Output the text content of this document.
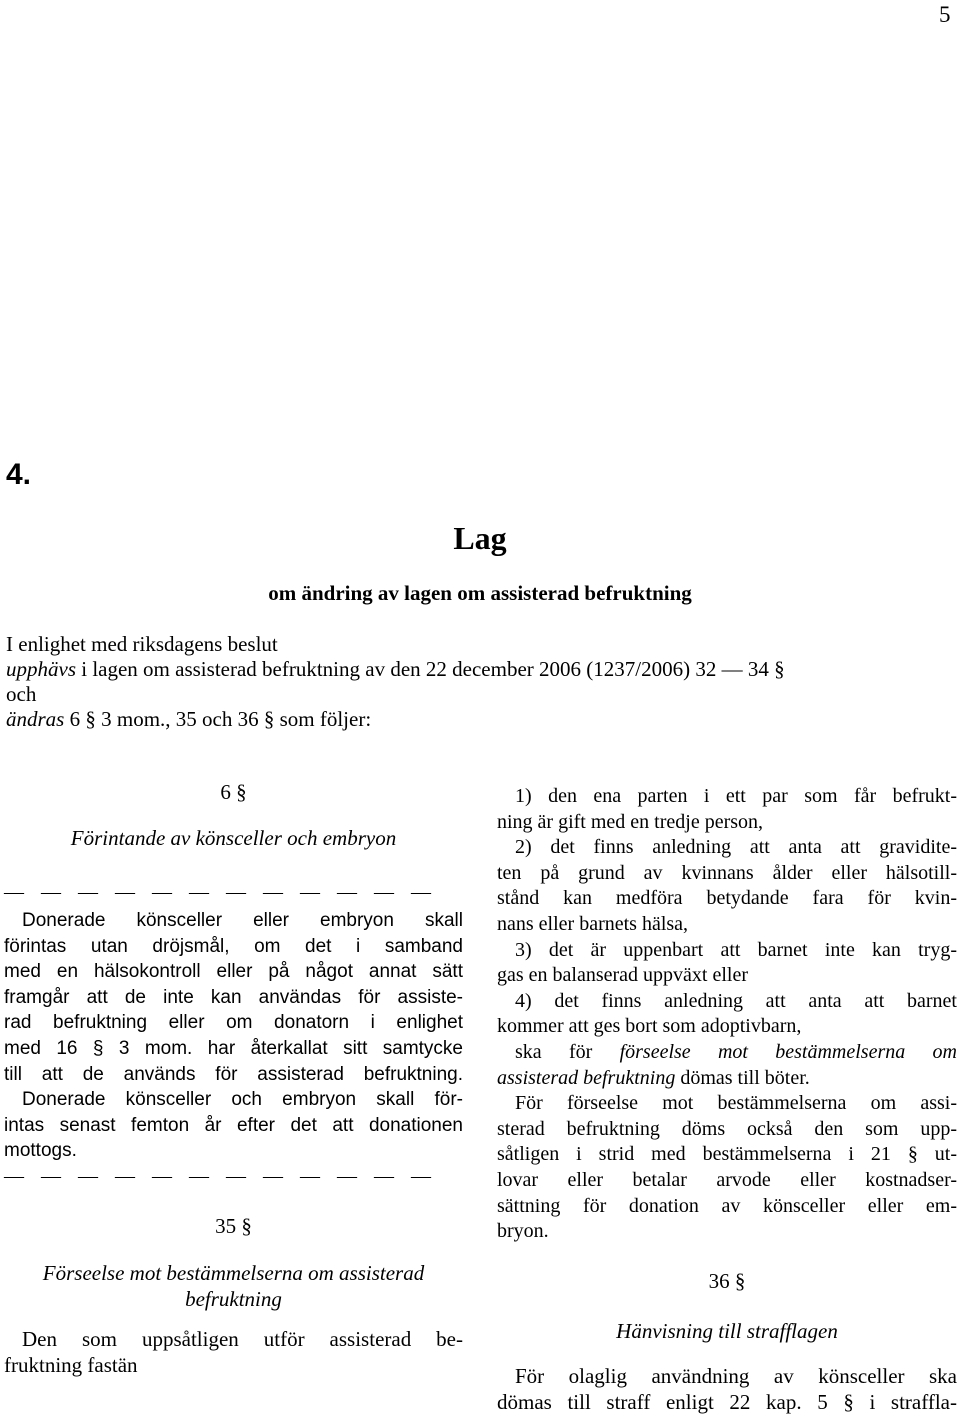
5
4.
Lag
om ändring av lagen om assisterad befruktning
I enlighet med riksdagens beslut
upphävs i lagen om assisterad befruktning av den 22 december 2006 (1237/2006) 32 — 34 §
och
ändras 6 § 3 mom., 35 och 36 § som följer:
6 §
Förintande av könsceller och embryon
— — — — — — — — — — — —
Donerade könsceller eller embryon skall
förintas utan dröjsmål, om det i samband
med en hälsokontroll eller på något annat sätt
framgår att de inte kan användas för assiste-
rad befruktning eller om donatorn i enlighet
med 16 § 3 mom. har återkallat sitt samtycke
till att de används för assisterad befruktning.
Donerade könsceller och embryon skall för-
intas senast femton år efter det att donationen
mottogs.
— — — — — — — — — — — —
35 §
Förseelse mot bestämmelserna om assisterad
befruktning
Den som uppsåtligen utför assisterad be-
fruktning fastän
1) den ena parten i ett par som får befrukt-
ning är gift med en tredje person,
2) det finns anledning att anta att graviditе-
ten på grund av kvinnans ålder eller hälsotill-
stånd kan medföra betydande fara för kvin-
nans eller barnets hälsa,
3) det är uppenbart att barnet inte kan tryg-
gas en balanserad uppväxt eller
4) det finns anledning att anta att barnet
kommer att ges bort som adoptivbarn,
ska för förseelse mot bestämmelserna om
assisterad befruktning dömas till böter.
För förseelse mot bestämmelserna om assi-
sterad befruktning döms också den som upp-
såtligen i strid med bestämmelserna i 21 § ut-
lovar eller betalar arvode eller kostnadser-
sättning för donation av könsceller eller em-
bryon.
36 §
Hänvisning till strafflagen
För olaglig användning av könsceller ska
dömas till straff enligt 22 kap. 5 § i straffla-
